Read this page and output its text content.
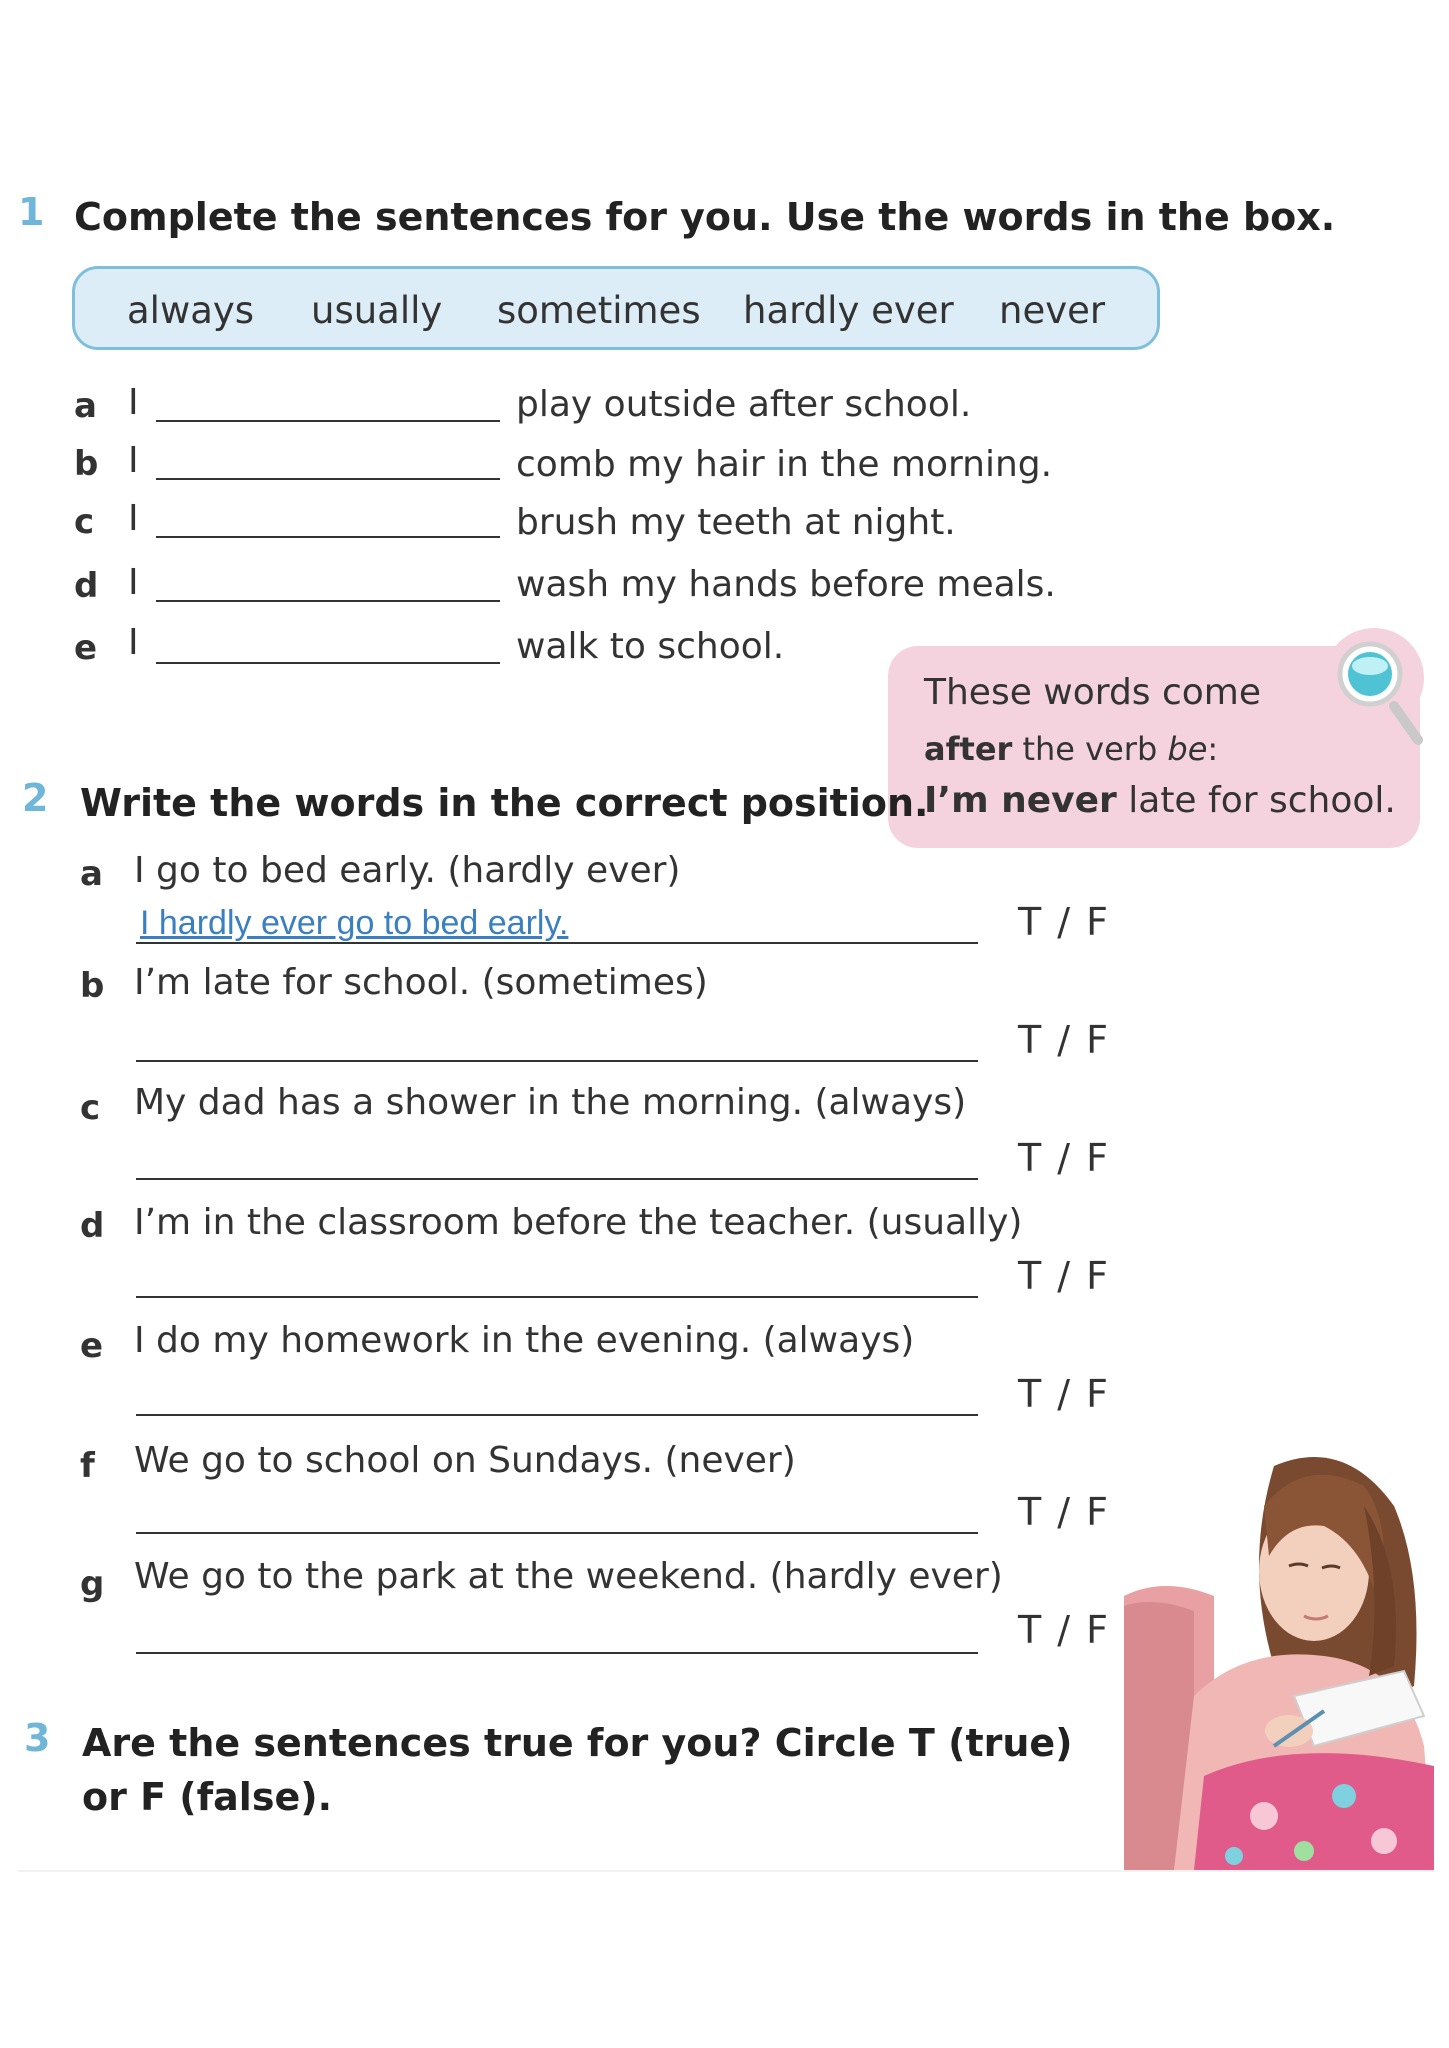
1 Complete the sentences for you. Use the words in the box.
always usually sometimes hardly ever never
a I	play outside after school.
b I	comb my hair in the morning.
c I	brush my teeth at night.
d I	wash my hands before meals.
e I	walk to school.
These words come
after the verb be:
I’m never late for school.
2 Write the words in the correct position.
a I go to bed early. (hardly ever)
I hardly ever go to bed early.	T / F
b I’m late for school. (sometimes)
T / F
c My dad has a shower in the morning. (always)
T / F
d I’m in the classroom before the teacher. (usually)
T / F
e I do my homework in the evening. (always)
T / F
f We go to school on Sundays. (never)
T / F
g We go to the park at the weekend. (hardly ever)
T / F
3 Are the sentences true for you? Circle T (true)
or F (false).
